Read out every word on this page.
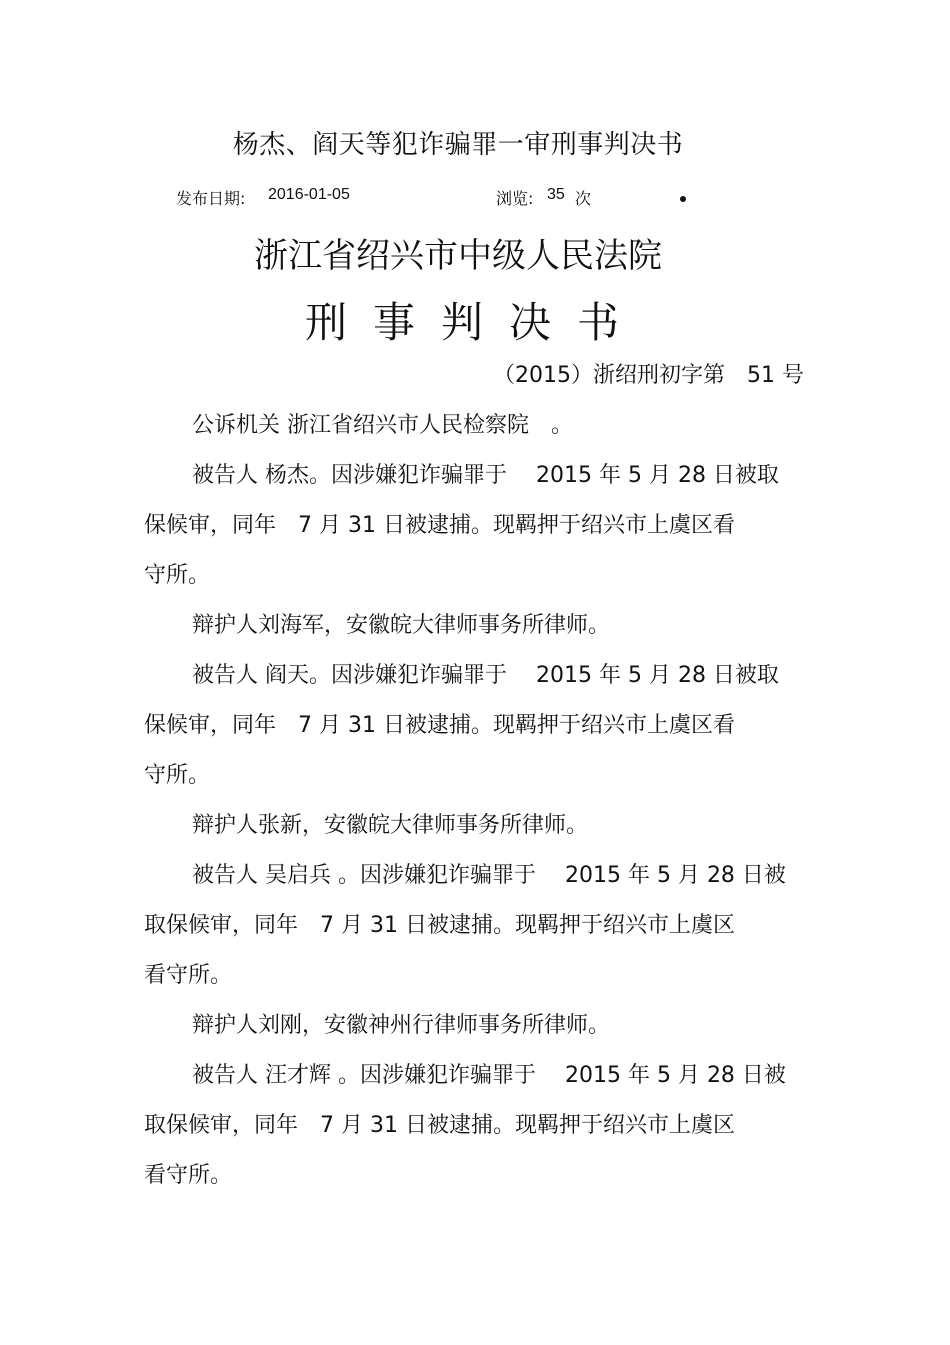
杨杰、阎天等犯诈骗罪一审刑事判决书
发布日期: 2016-01-05	浏览: 35 次
浙江省绍兴市中级人民法院
刑事判决书
（2015）浙绍刑初字第　51 号
公诉机关 浙江省绍兴市人民检察院　。
被告人 杨杰。因涉嫌犯诈骗罪于　 2015 年 5 月 28 日被取
保候审，同年　7 月 31 日被逮捕。现羁押于绍兴市上虞区看
守所。
辩护人刘海军，安徽皖大律师事务所律师。
被告人 阎天。因涉嫌犯诈骗罪于　 2015 年 5 月 28 日被取
保候审，同年　7 月 31 日被逮捕。现羁押于绍兴市上虞区看
守所。
辩护人张新，安徽皖大律师事务所律师。
被告人 吴启兵 。因涉嫌犯诈骗罪于　 2015 年 5 月 28 日被
取保候审，同年　7 月 31 日被逮捕。现羁押于绍兴市上虞区
看守所。
辩护人刘刚，安徽神州行律师事务所律师。
被告人 汪才辉 。因涉嫌犯诈骗罪于　 2015 年 5 月 28 日被
取保候审，同年　7 月 31 日被逮捕。现羁押于绍兴市上虞区
看守所。
